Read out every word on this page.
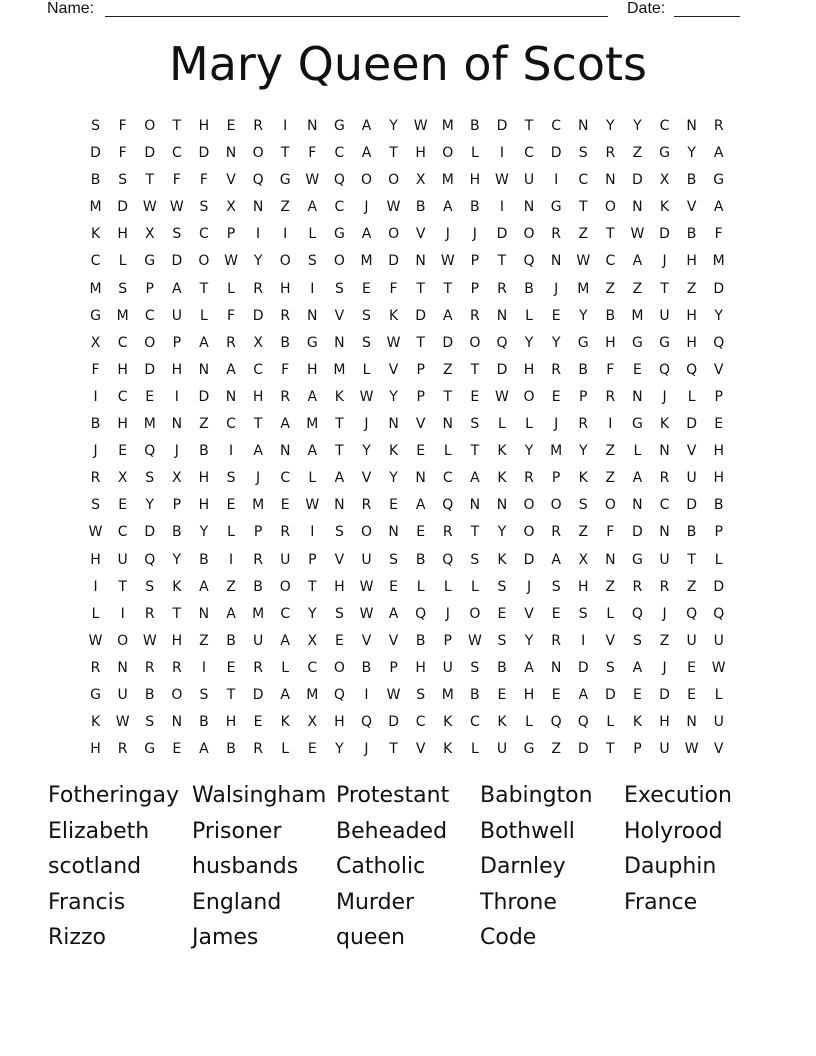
Name:	Date:
Mary Queen of Scots
S	F	O	T	H	E	R	I	N	G	A	Y	W	M	B	D	T	C	N	Y	Y	C	N	R
D	F	D	C	D	N	O	T	F	C	A	T	H	O	L	I	C	D	S	R	Z	G	Y	A
B	S	T	F	F	V	Q	G	W	Q	O	O	X	M	H	W	U	I	C	N	D	X	B	G
M	D	W W	S	X	N	Z	A	C	J	W	B	A	B	I	N	G	T	O	N	K	V	A
K	H	X	S	C	P	I	I	L	G	A	O	V	J	J	D	O	R	Z	T	W	D	B	F
C	L	G	D	O	W	Y	O	S	O	M	D	N	W	P	T	Q	N	W	C	A	J	H	M
M	S	P	A	T	L	R	H	I	S	E	F	T	T	P	R	B	J	M	Z	Z	T	Z	D
G	M	C	U	L	F	D	R	N	V	S	K	D	A	R	N	L	E	Y	B	M	U	H	Y
X	C	O	P	A	R	X	B	G	N	S	W	T	D	O	Q	Y	Y	G	H	G	G	H	Q
F	H	D	H	N	A	C	F	H	M	L	V	P	Z	T	D	H	R	B	F	E	Q	Q	V
I	C	E	I	D	N	H	R	A	K	W	Y	P	T	E	W	O	E	P	R	N	J	L	P
B	H	M	N	Z	C	T	A	M	T	J	N	V	N	S	L	L	J	R	I	G	K	D	E
J	E	Q	J	B	I	A	N	A	T	Y	K	E	L	T	K	Y	M	Y	Z	L	N	V	H
R	X	S	X	H	S	J	C	L	A	V	Y	N	C	A	K	R	P	K	Z	A	R	U	H
S	E	Y	P	H	E	M	E	W	N	R	E	A	Q	N	N	O	O	S	O	N	C	D	B
W	C	D	B	Y	L	P	R	I	S	O	N	E	R	T	Y	O	R	Z	F	D	N	B	P
H	U	Q	Y	B	I	R	U	P	V	U	S	B	Q	S	K	D	A	X	N	G	U	T	L
I	T	S	K	A	Z	B	O	T	H	W	E	L	L	L	S	J	S	H	Z	R	R	Z	D
L	I	R	T	N	A	M	C	Y	S	W	A	Q	J	O	E	V	E	S	L	Q	J	Q	Q
W	O	W	H	Z	B	U	A	X	E	V	V	B	P	W	S	Y	R	I	V	S	Z	U	U
R	N	R	R	I	E	R	L	C	O	B	P	H	U	S	B	A	N	D	S	A	J	E	W
G	U	B	O	S	T	D	A	M	Q	I	W	S	M	B	E	H	E	A	D	E	D	E	L
K	W	S	N	B	H	E	K	X	H	Q	D	C	K	C	K	L	Q	Q	L	K	H	N	U
H	R	G	E	A	B	R	L	E	Y	J	T	V	K	L	U	G	Z	D	T	P	U	W	V
Fotheringay Walsingham Protestant	Babington	Execution
Elizabeth	Prisoner	Beheaded	Bothwell	Holyrood
scotland	husbands	Catholic	Darnley	Dauphin
Francis	England	Murder	Throne	France
Rizzo	James	queen	Code
